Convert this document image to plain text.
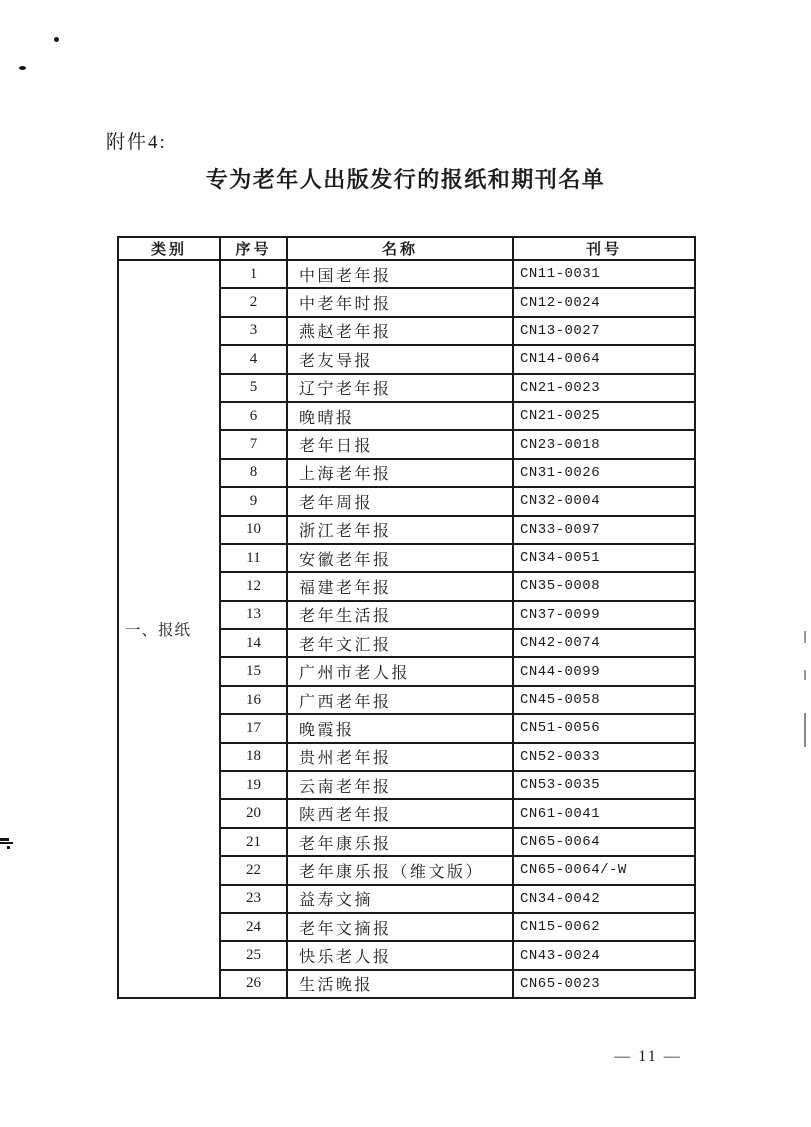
附件4:
专为老年人出版发行的报纸和期刊名单
类别	序号	名称	刊号
一、报纸	1	中国老年报	CN11-0031
	2	中老年时报	CN12-0024
	3	燕赵老年报	CN13-0027
	4	老友导报	CN14-0064
	5	辽宁老年报	CN21-0023
	6	晚晴报	CN21-0025
	7	老年日报	CN23-0018
	8	上海老年报	CN31-0026
	9	老年周报	CN32-0004
	10	浙江老年报	CN33-0097
	11	安徽老年报	CN34-0051
	12	福建老年报	CN35-0008
	13	老年生活报	CN37-0099
	14	老年文汇报	CN42-0074
	15	广州市老人报	CN44-0099
	16	广西老年报	CN45-0058
	17	晚霞报	CN51-0056
	18	贵州老年报	CN52-0033
	19	云南老年报	CN53-0035
	20	陕西老年报	CN61-0041
	21	老年康乐报	CN65-0064
	22	老年康乐报（维文版）	CN65-0064/-W
	23	益寿文摘	CN34-0042
	24	老年文摘报	CN15-0062
	25	快乐老人报	CN43-0024
	26	生活晚报	CN65-0023
— 11 —
